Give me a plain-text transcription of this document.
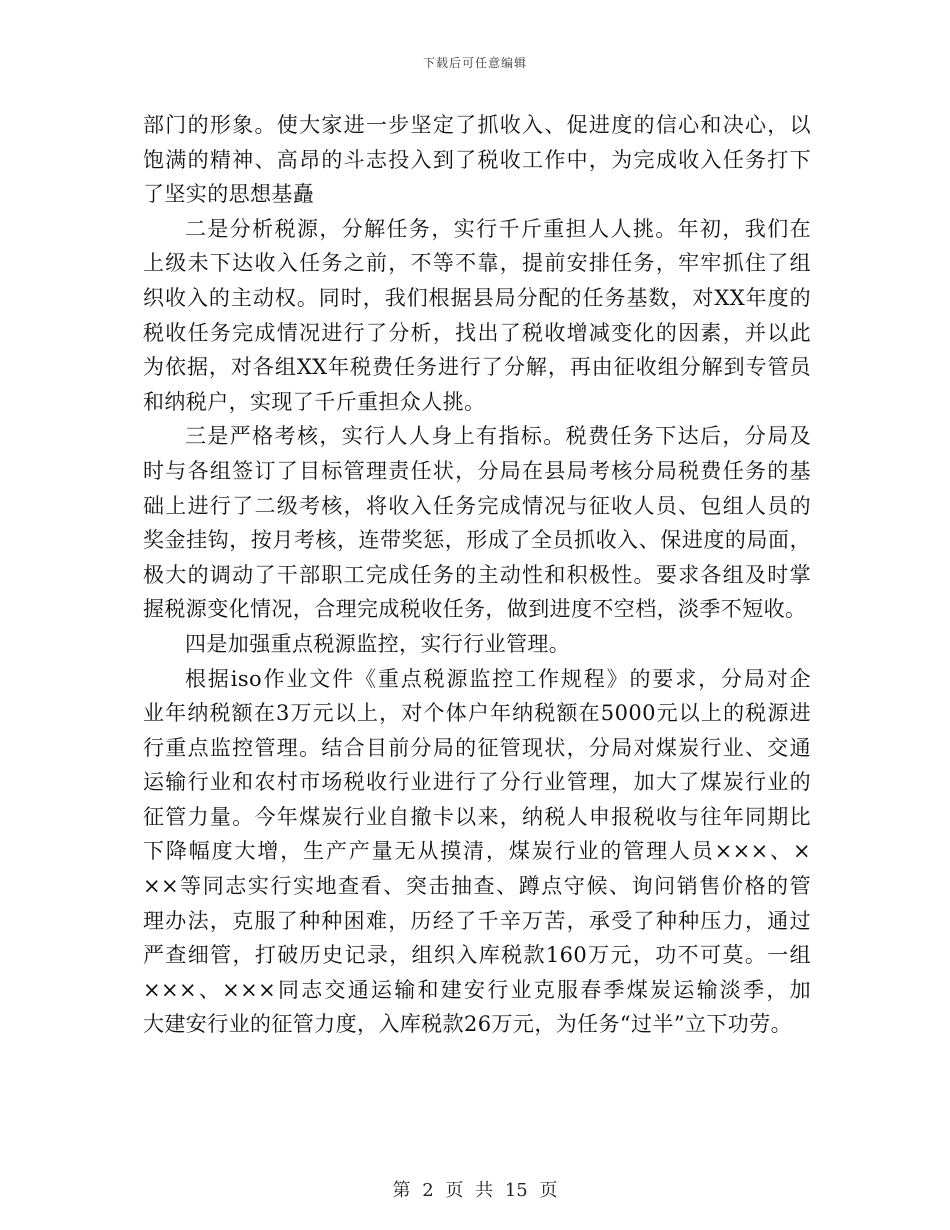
下载后可任意编辑
部门的形象。使大家进一步坚定了抓收入、促进度的信心和决心，以
饱满的精神、高昂的斗志投入到了税收工作中，为完成收入任务打下
了坚实的思想基矗
二是分析税源，分解任务，实行千斤重担人人挑。年初，我们在
上级未下达收入任务之前，不等不靠，提前安排任务，牢牢抓住了组
织收入的主动权。同时，我们根据县局分配的任务基数，对XX年度的
税收任务完成情况进行了分析，找出了税收增减变化的因素，并以此
为依据，对各组XX年税费任务进行了分解，再由征收组分解到专管员
和纳税户，实现了千斤重担众人挑。
三是严格考核，实行人人身上有指标。税费任务下达后，分局及
时与各组签订了目标管理责任状，分局在县局考核分局税费任务的基
础上进行了二级考核，将收入任务完成情况与征收人员、包组人员的
奖金挂钩，按月考核，连带奖惩，形成了全员抓收入、保进度的局面，
极大的调动了干部职工完成任务的主动性和积极性。要求各组及时掌
握税源变化情况，合理完成税收任务，做到进度不空档，淡季不短收。
四是加强重点税源监控，实行行业管理。
根据iso作业文件《重点税源监控工作规程》的要求，分局对企
业年纳税额在3万元以上，对个体户年纳税额在5000元以上的税源进
行重点监控管理。结合目前分局的征管现状，分局对煤炭行业、交通
运输行业和农村市场税收行业进行了分行业管理，加大了煤炭行业的
征管力量。今年煤炭行业自撤卡以来，纳税人申报税收与往年同期比
下降幅度大增，生产产量无从摸清，煤炭行业的管理人员×××、×
××等同志实行实地查看、突击抽查、蹲点守候、询问销售价格的管
理办法，克服了种种困难，历经了千辛万苦，承受了种种压力，通过
严查细管，打破历史记录，组织入库税款160万元，功不可莫。一组
×××、×××同志交通运输和建安行业克服春季煤炭运输淡季，加
大建安行业的征管力度，入库税款26万元，为任务“过半”立下功劳。
第 2 页 共 15 页
